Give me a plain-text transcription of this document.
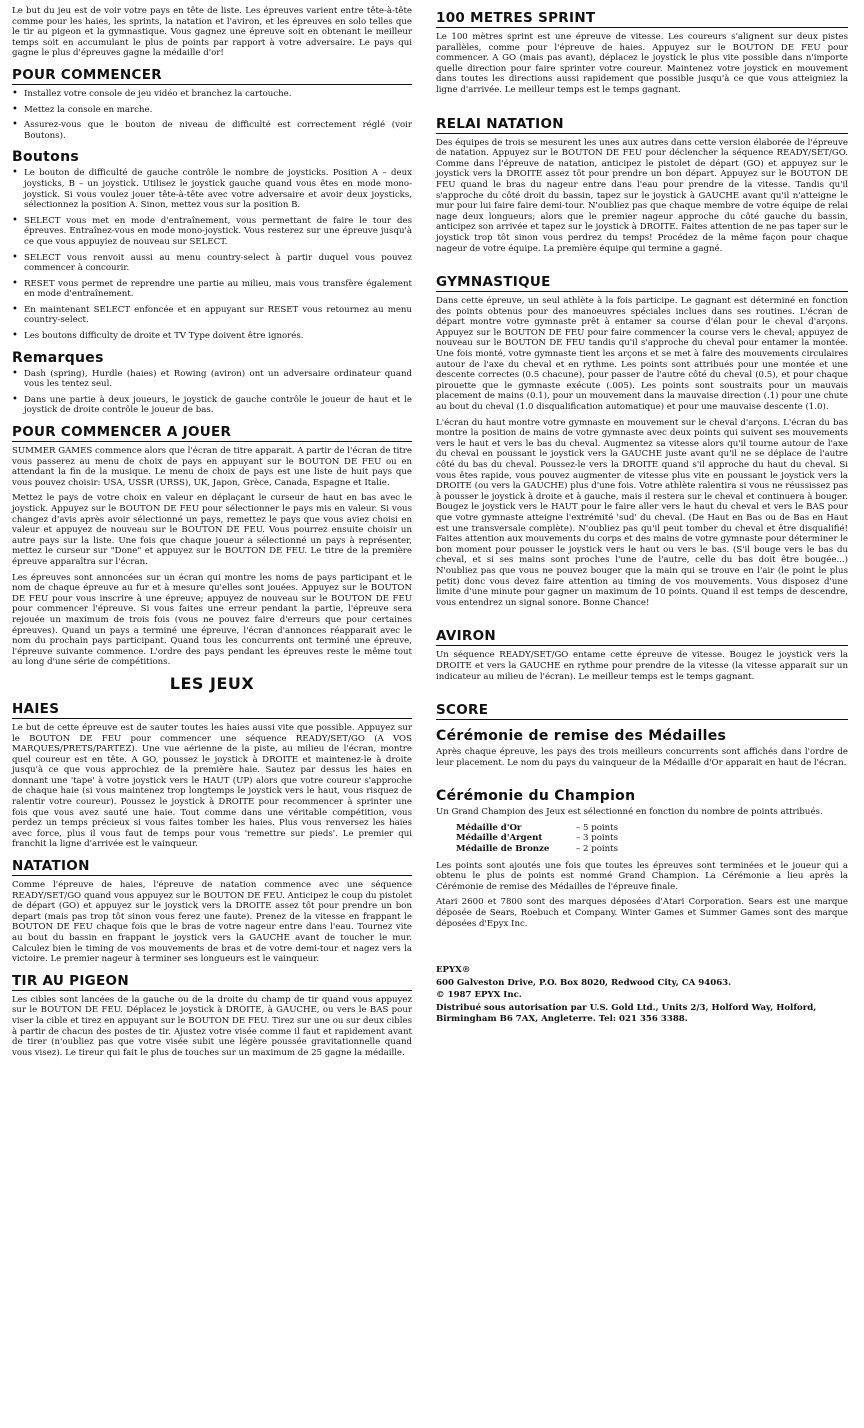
Le but du jeu est de voir votre pays en tête de liste. Les épreuves varient entre tête-à-tête comme pour les haies, les sprints, la natation et l'aviron, et les épreuves en solo telles que le tir au pigeon et la gymnastique. Vous gagnez une épreuve soit en obtenant le meilleur temps soit en accumulant le plus de points par rapport à votre adversaire. Le pays qui gagne le plus d'épreuves gagne la médaille d'or!

POUR COMMENCER
• Installez votre console de jeu vidéo et branchez la cartouche.
• Mettez la console en marche.
• Assurez-vous que le bouton de niveau de difficulté est correctement réglé (voir Boutons).
Boutons
• Le bouton de difficulté de gauche contrôle le nombre de joysticks. Position A – deux joysticks, B – un joystick. Utilisez le joystick gauche quand vous êtes en mode mono-joystick. Si vous voulez jouer tête-à-tête avec votre adversaire et avoir deux joysticks, sélectionnez la position A. Sinon, mettez vous sur la position B.
• SELECT vous met en mode d'entraînement, vous permettant de faire le tour des épreuves. Entraînez-vous en mode mono-joystick. Vous resterez sur une épreuve jusqu'à ce que vous appuyiez de nouveau sur SELECT.
• SELECT vous renvoit aussi au menu country-select à partir duquel vous pouvez commencer à concourir.
• RESET vous permet de reprendre une partie au milieu, mais vous transfère également en mode d'entraînement.
• En maintenant SELECT enfoncée et en appuyant sur RESET vous retournez au menu country-select.
• Les boutons difficulty de droite et TV Type doivent être ignorés.
Remarques
• Dash (spring), Hurdle (haies) et Rowing (aviron) ont un adversaire ordinateur quand vous les tentez seul.
• Dans une partie à deux joueurs, le joystick de gauche contrôle le joueur de haut et le joystick de droite contrôle le joueur de bas.
POUR COMMENCER A JOUER

SUMMER GAMES commence alors que l'écran de titre apparait. A partir de l'écran de titre vous passerez au menu de choix de pays en appuyant sur le BOUTON DE FEU ou en attendant la fin de la musique. Le menu de choix de pays est une liste de huit pays que vous pouvez choisir: USA, USSR (URSS), UK, Japon, Grèce, Canada, Espagne et Italie.

Mettez le pays de votre choix en valeur en déplaçant le curseur de haut en bas avec le joystick. Appuyez sur le BOUTON DE FEU pour sélectionner le pays mis en valeur. Si vous changez d'avis après avoir sélectionné un pays, remettez le pays que vous aviez choisi en valeur et appuyez de nouveau sur le BOUTON DE FEU. Vous pourrez ensuite choisir un autre pays sur la liste. Une fois que chaque joueur a sélectionné un pays à représenter, mettez le curseur sur "Done" et appuyez sur le BOUTON DE FEU. Le titre de la première épreuve apparaîtra sur l'écran.

Les épreuves sont annoncées sur un écran qui montre les noms de pays participant et le nom de chaque épreuve au fur et à mesure qu'elles sont jouées. Appuyez sur le BOUTON DE FEU pour vous inscrire à une épreuve; appuyez de nouveau sur le BOUTON DE FEU pour commencer l'épreuve. Si vous faites une erreur pendant la partie, l'épreuve sera rejouée un maximum de trois fois (vous ne pouvez faire d'erreurs que pour certaines épreuves). Quand un pays a terminé une épreuve, l'écran d'annonces réapparait avec le nom du prochain pays participant. Quand tous les concurrents ont terminé une épreuve, l'épreuve suivante commence. L'ordre des pays pendant les épreuves reste le même tout au long d'une série de compétitions.

LES JEUX
HAIES

Le but de cette épreuve est de sauter toutes les haies aussi vite que possible. Appuyez sur le BOUTON DE FEU pour commencer une séquence READY/SET/GO (A VOS MARQUES/PRETS/PARTEZ). Une vue aérienne de la piste, au milieu de l'écran, montre quel coureur est en tête. A GO, poussez le joystick à DROITE et maintenez-le à droite jusqu'à ce que vous approchiez de la première haie. Sautez par dessus les haies en donnant une 'tape' à votre joystick vers le HAUT (UP) alors que votre coureur s'approche de chaque haie (si vous maintenez trop longtemps le joystick vers le haut, vous risquez de ralentir votre coureur). Poussez le joystick à DROITE pour recommencer à sprinter une fois que vous avez sauté une haie. Tout comme dans une véritable compétition, vous perdez un temps précieux si vous faites tomber les haies. Plus vous renversez les haies avec force, plus il vous faut de temps pour vous 'remettre sur pieds'. Le premier qui franchit la ligne d'arrivée est le vainqueur.

NATATION

Comme l'épreuve de haies, l'épreuve de natation commence avec une séquence READY/SET/GO quand vous appuyez sur le BOUTON DE FEU. Anticipez le coup du pistolet de départ (GO) et appuyez sur le joystick vers la DROITE assez tôt pour prendre un bon depart (mais pas trop tôt sinon vous ferez une faute). Prenez de la vitesse en frappant le BOUTON DE FEU chaque fois que le bras de votre nageur entre dans l'eau. Tournez vite au bout du bassin en frappant le joystick vers la GAUCHE avant de toucher le mur. Calculez bien le timing de vos mouvements de bras et de votre demi-tour et nagez vers la victoire. Le premier nageur à terminer ses longueurs est le vainqueur.

TIR AU PIGEON

Les cibles sont lancées de la gauche ou de la droite du champ de tir quand vous appuyez sur le BOUTON DE FEU. Déplacez le joystick à DROITE, à GAUCHE, ou vers le BAS pour viser la cible et tirez en appuyant sur le BOUTON DE FEU. Tirez sur une ou sur deux cibles à partir de chacun des postes de tir. Ajustez votre visée comme il faut et rapidement avant de tirer (n'oubliez pas que votre visée subit une légère poussée gravitationnelle quand vous visez). Le tireur qui fait le plus de touches sur un maximum de 25 gagne la médaille.

100 METRES SPRINT

Le 100 mètres sprint est une épreuve de vitesse. Les coureurs s'alignent sur deux pistes parallèles, comme pour l'épreuve de haies. Appuyez sur le BOUTON DE FEU pour commencer. A GO (mais pas avant), déplacez le joystick le plus vite possible dans n'importe quelle direction pour faire sprinter votre coureur. Maintenez votre joystick en mouvement dans toutes les directions aussi rapidement que possible jusqu'à ce que vous atteigniez la ligne d'arrivée. Le meilleur temps est le temps gagnant.

RELAI NATATION

Des équipes de trois se mesurent les unes aux autres dans cette version élaborée de l'épreuve de natation. Appuyez sur le BOUTON DE FEU pour déclencher la séquence READY/SET/GO. Comme dans l'épreuve de natation, anticipez le pistolet de départ (GO) et appuyez sur le joystick vers la DROITE assez tôt pour prendre un bon départ. Appuyez sur le BOUTON DE FEU quand le bras du nageur entre dans l'eau pour prendre de la vitesse. Tandis qu'il s'approche du côté droit du bassin, tapez sur le joystick à GAUCHE avant qu'il n'atteigne le mur pour lui faire faire demi-tour. N'oubliez pas que chaque membre de votre équipe de relai nage deux longueurs; alors que le premier nageur approche du côté gauche du bassin, anticipez son arrivée et tapez sur le joystick à DROITE. Faites attention de ne pas taper sur le joystick trop tôt sinon vous perdrez du temps! Procédez de la même façon pour chaque nageur de votre équipe. La première équipe qui termine a gagné.

GYMNASTIQUE

Dans cette épreuve, un seul athlète à la fois participe. Le gagnant est déterminé en fonction des points obtenus pour des manoeuvres spéciales inclues dans ses routines. L'écran de départ montre votre gymnaste prêt à entamer sa course d'élan pour le cheval d'arçons. Appuyez sur le BOUTON DE FEU pour faire commencer la course vers le cheval; appuyez de nouveau sur le BOUTON DE FEU tandis qu'il s'approche du cheval pour entamer la montée. Une fois monté, votre gymnaste tient les arçons et se met à faire des mouvements circulaires autour de l'axe du cheval et en rythme. Les points sont attribués pour une montée et une descente correctes (0.5 chacune), pour passer de l'autre côté du cheval (0.5), et pour chaque pirouette que le gymnaste exécute (.005). Les points sont soustraits pour un mauvais placement de mains (0.1), pour un mouvement dans la mauvaise direction (.1) pour une chute au bout du cheval (1.0 disqualification automatique) et pour une mauvaise descente (1.0).

L'écran du haut montre votre gymnaste en mouvement sur le cheval d'arçons. L'écran du bas montre la position de mains de votre gymnaste avec deux points qui suivent ses mouvements vers le haut et vers le bas du cheval. Augmentez sa vitesse alors qu'il tourne autour de l'axe du cheval en poussant le joystick vers la GAUCHE juste avant qu'il ne se déplace de l'autre côté du bas du cheval. Poussez-le vers la DROITE quand s'il approche du haut du cheval. Si vous êtes rapide, vous pouvez augmenter de vitesse plus vite en poussant le joystick vers la DROITE (ou vers la GAUCHE) plus d'une fois. Votre athlète ralentira si vous ne réussissez pas à pousser le joystick à droite et à gauche, mais il restera sur le cheval et continuera à bouger. Bougez le joystick vers le HAUT pour le faire aller vers le haut du cheval et vers le BAS pour que votre gymnaste atteigne l'extrémité 'sud' du cheval. (De Haut en Bas ou de Bas en Haut est une transversale complète). N'oubliez pas qu'il peut tomber du cheval et être disqualifié! Faites attention aux mouvements du corps et des mains de votre gymnaste pour déterminer le bon moment pour pousser le joystick vers le haut ou vers le bas. (S'il bouge vers le bas du cheval, et si ses mains sont proches l'une de l'autre, celle du bas doit être bougée...) N'oubliez pas que vous ne pouvez bouger que la main qui se trouve en l'air (le point le plus petit) donc vous devez faire attention au timing de vos mouvements. Vous disposez d'une limite d'une minute pour gagner un maximum de 10 points. Quand il est temps de descendre, vous entendrez un signal sonore. Bonne Chance!

AVIRON

Un séquence READY/SET/GO entame cette épreuve de vitesse. Bougez le joystick vers la DROITE et vers la GAUCHE en rythme pour prendre de la vitesse (la vitesse apparait sur un indicateur au milieu de l'écran). Le meilleur temps est le temps gagnant.

SCORE
Cérémonie de remise des Médailles

Après chaque épreuve, les pays des trois meilleurs concurrents sont affichés dans l'ordre de leur placement. Le nom du pays du vainqueur de la Médaille d'Or apparait en haut de l'écran.

Cérémonie du Champion

Un Grand Champion des Jeux est sélectionné en fonction du nombre de points attribués.

Médaille d'Or	– 5 points
Médaille d'Argent	– 3 points
Médaille de Bronze	– 2 points

Les points sont ajoutés une fois que toutes les épreuves sont terminées et le joueur qui a obtenu le plus de points est nommé Grand Champion. La Cérémonie a lieu après la Cérémonie de remise des Médailles de l'épreuve finale.

Atari 2600 et 7800 sont des marques déposées d'Atari Corporation. Sears est une marque déposée de Sears, Roebuch et Company. Winter Games et Summer Games sont des marque déposées d'Epyx Inc.

EPYX®

600 Galveston Drive, P.O. Box 8020, Redwood City, CA 94063.

© 1987 EPYX Inc.

Distribué sous autorisation par U.S. Gold Ltd., Units 2/3, Holford Way, Holford, Birmingham B6 7AX, Angleterre. Tel: 021 356 3388.
